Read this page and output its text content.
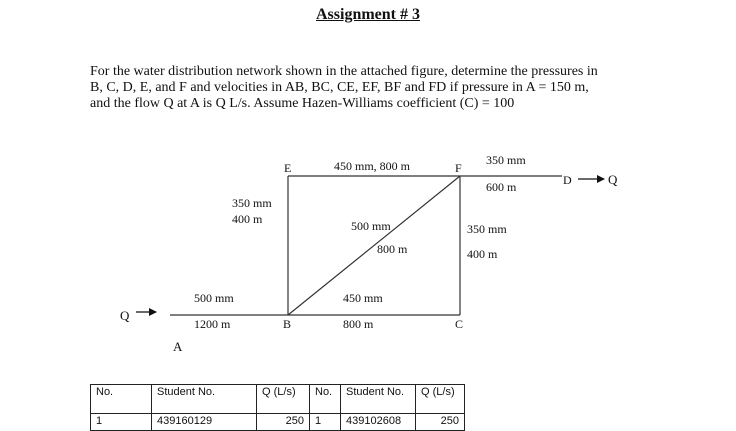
Assignment # 3
For the water distribution network shown in the attached figure, determine the pressures in
B, C, D, E, and F and velocities in AB, BC, CE, EF, BF and FD if pressure in A = 150 m,
and the flow Q at A is Q L/s. Assume Hazen-Williams coefficient (C) = 100
A
B	C
D
E	F
Q
Q
500 mm
1200 m
450 mm
800 m
350 mm
400 m
450 mm, 800 m
500 mm
800 m
350 mm
400 m
350 mm
600 m
No.	Student No.	Q (L/s)	No.	Student No.	Q (L/s)
1	439160129	250	1	439102608	250
